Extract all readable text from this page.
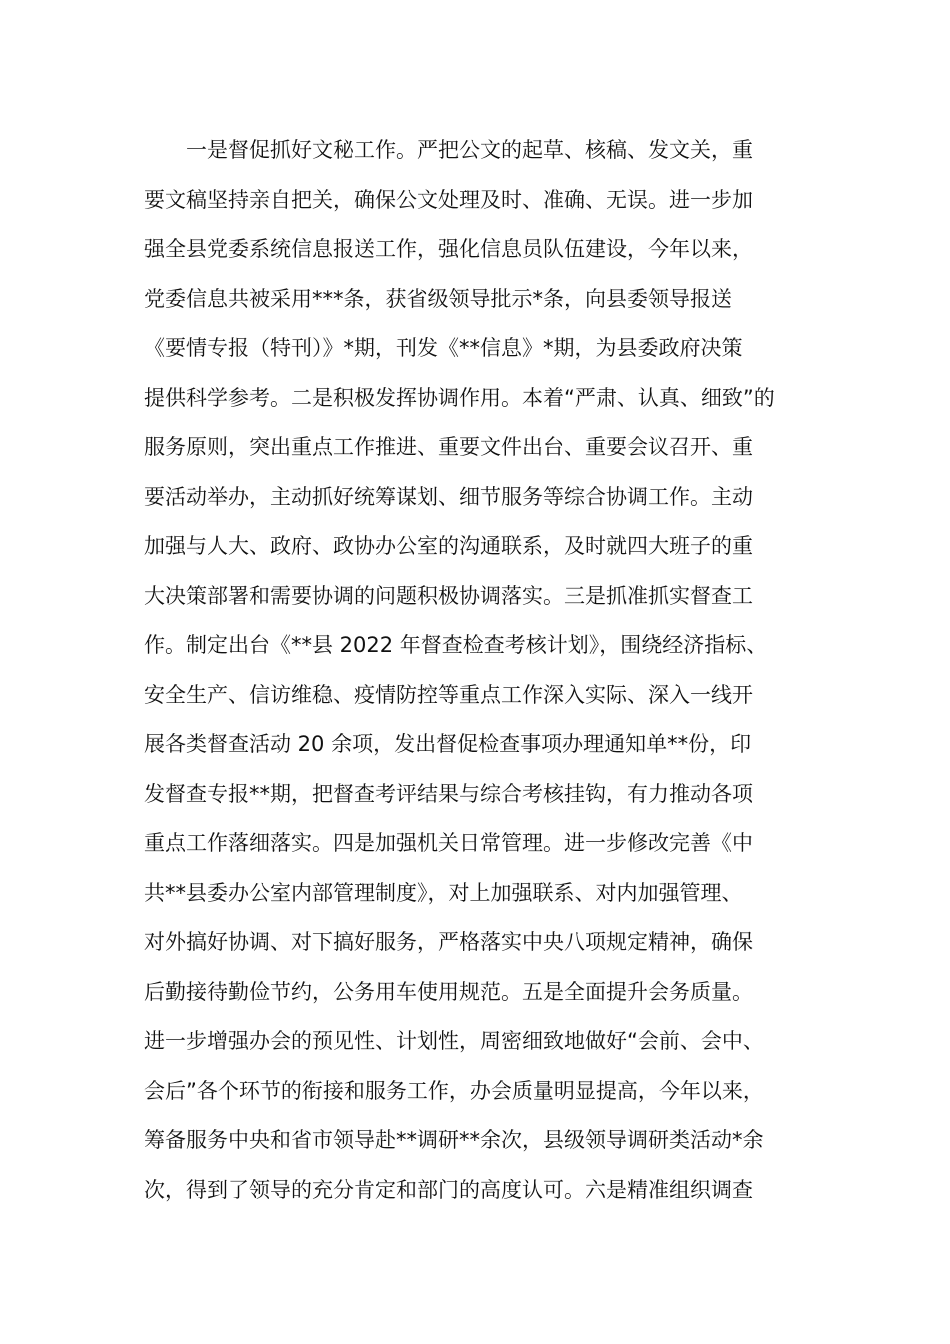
　　一是督促抓好文秘工作。严把公文的起草、核稿、发文关，重
要文稿坚持亲自把关，确保公文处理及时、准确、无误。进一步加
强全县党委系统信息报送工作，强化信息员队伍建设，今年以来，
党委信息共被采用***条，获省级领导批示*条，向县委领导报送
《要情专报（特刊）》*期，刊发《**信息》*期，为县委政府决策
提供科学参考。二是积极发挥协调作用。本着“严肃、认真、细致”的
服务原则，突出重点工作推进、重要文件出台、重要会议召开、重
要活动举办，主动抓好统筹谋划、细节服务等综合协调工作。主动
加强与人大、政府、政协办公室的沟通联系，及时就四大班子的重
大决策部署和需要协调的问题积极协调落实。三是抓准抓实督查工
作。制定出台《**县 2022 年督查检查考核计划》，围绕经济指标、
安全生产、信访维稳、疫情防控等重点工作深入实际、深入一线开
展各类督查活动 20 余项，发出督促检查事项办理通知单**份，印
发督查专报**期，把督查考评结果与综合考核挂钩，有力推动各项
重点工作落细落实。四是加强机关日常管理。进一步修改完善《中
共**县委办公室内部管理制度》，对上加强联系、对内加强管理、
对外搞好协调、对下搞好服务，严格落实中央八项规定精神，确保
后勤接待勤俭节约，公务用车使用规范。五是全面提升会务质量。
进一步增强办会的预见性、计划性，周密细致地做好“会前、会中、
会后”各个环节的衔接和服务工作，办会质量明显提高，今年以来，
筹备服务中央和省市领导赴**调研**余次，县级领导调研类活动*余
次，得到了领导的充分肯定和部门的高度认可。六是精准组织调查
